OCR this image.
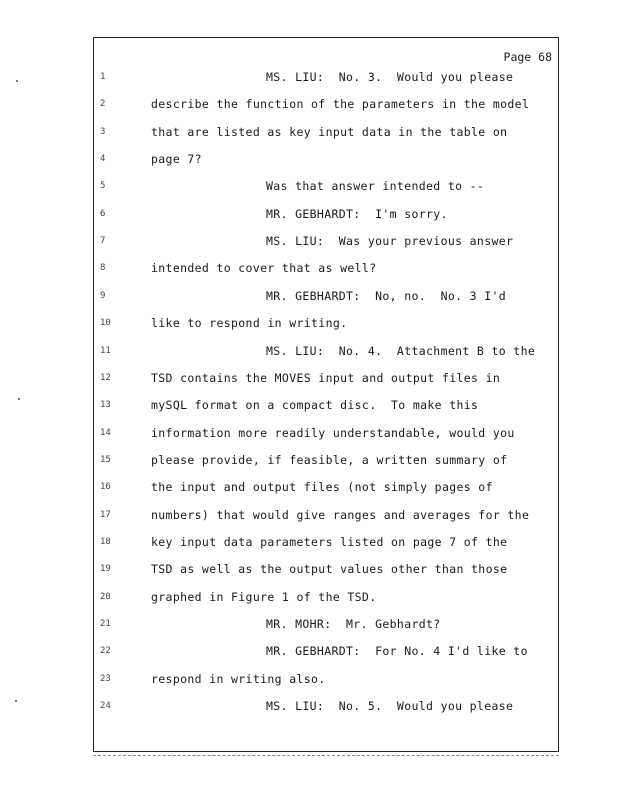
Page 68
1	MS. LIU:  No. 3.  Would you please
2	describe the function of the parameters in the model
3	that are listed as key input data in the table on
4	page 7?
5	Was that answer intended to --
6	MR. GEBHARDT:  I'm sorry.
7	MS. LIU:  Was your previous answer
8	intended to cover that as well?
9	MR. GEBHARDT:  No, no.  No. 3 I'd
10	like to respond in writing.
11	MS. LIU:  No. 4.  Attachment B to the
12	TSD contains the MOVES input and output files in
13	mySQL format on a compact disc.  To make this
14	information more readily understandable, would you
15	please provide, if feasible, a written summary of
16	the input and output files (not simply pages of
17	numbers) that would give ranges and averages for the
18	key input data parameters listed on page 7 of the
19	TSD as well as the output values other than those
20	graphed in Figure 1 of the TSD.
21	MR. MOHR:  Mr. Gebhardt?
22	MR. GEBHARDT:  For No. 4 I'd like to
23	respond in writing also.
24	MS. LIU:  No. 5.  Would you please
